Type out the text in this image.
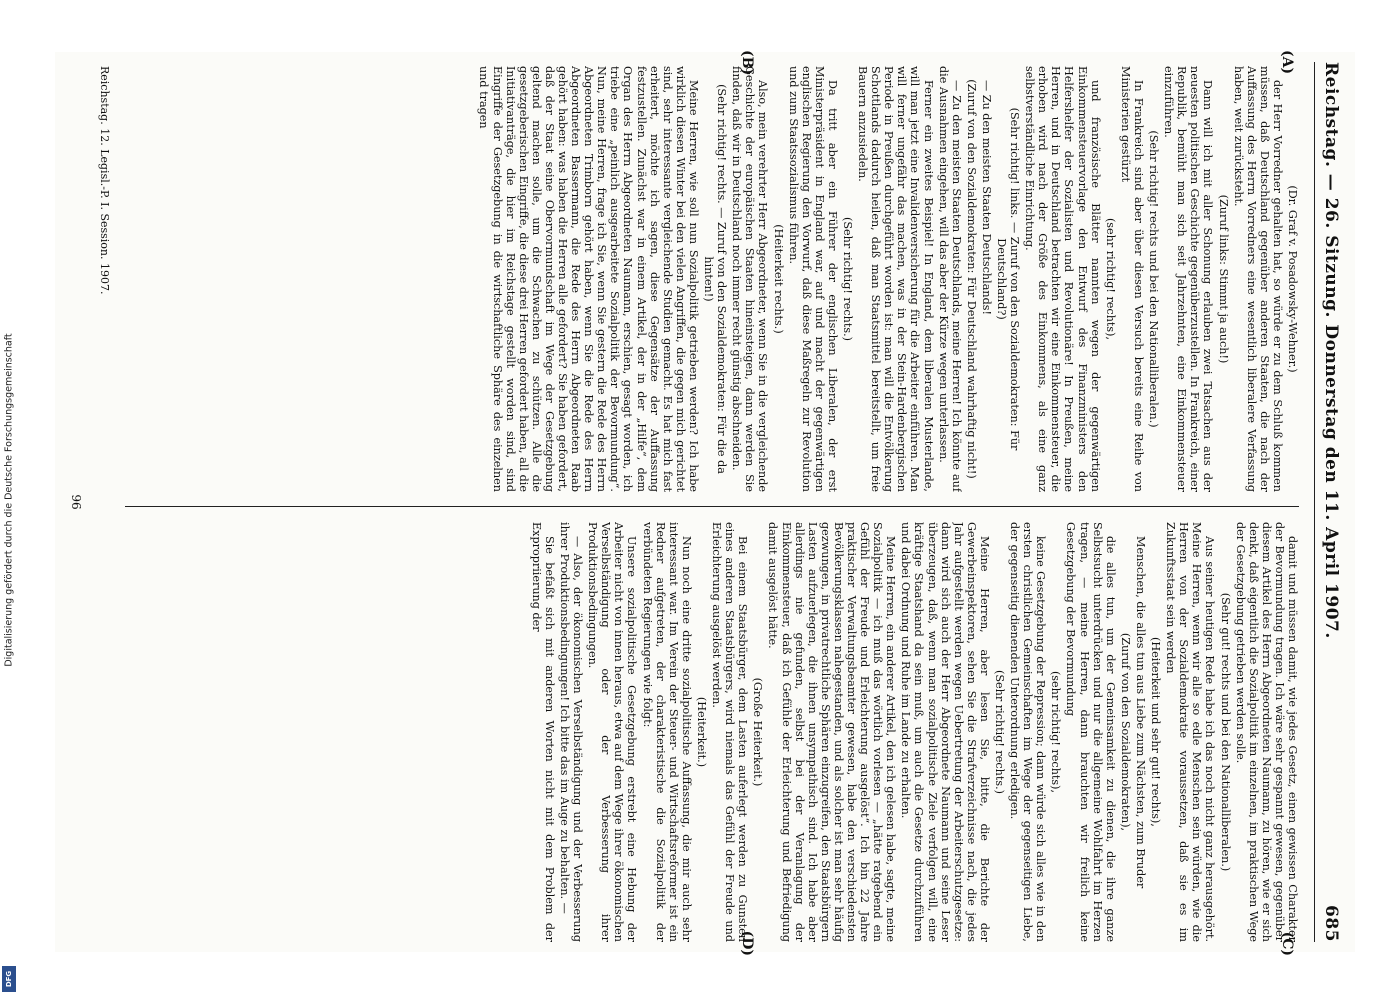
Digitalisierung gefördert durch die Deutsche Forschungsgemeinschaft
DFG
Reichstag. — 26. Sitzung. Donnerstag den 11. April 1907.
685
(A)
(B)
(C)
(D)

(Dr. Graf v. Posadowsky-Wehner.)

der Herr Vorredner gehalten hat, so würde er zu dem Schluß kommen müssen, daß Deutschland gegenüber anderen Staaten, die nach der Auffassung des Herrn Vorredners eine wesentlich liberalere Verfassung haben, weit zurücksteht.

(Zuruf links: Stimmt ja auch!)

Dann will ich mit aller Schonung erlauben zwei Tatsachen aus der neuesten politischen Geschichte gegenüberzustellen. In Frankreich, einer Republik, bemüht man sich seit Jahrzehnten, eine Einkommensteuer einzuführen.

(Sehr richtig! rechts und bei den Nationalliberalen.)

In Frankreich sind aber über diesen Versuch bereits eine Reihe von Ministerien gestürzt

(sehr richtig! rechts),

und französische Blätter nannten wegen der gegenwärtigen Einkommensteuervorlage den Entwurf des Finanzministers den Helfershelfer der Sozialisten und Revolutionäre! In Preußen, meine Herren, und in Deutschland betrachten wir eine Einkommensteuer, die erhoben wird nach der Größe des Einkommens, als eine ganz selbstverständliche Einrichtung.

(Sehr richtig! links. — Zuruf von den Sozialdemokraten: Für Deutschland?)

— Zu den meisten Staaten Deutschlands!

(Zuruf von den Sozialdemokraten: Für Deutschland wahrhaftig nicht!)

— Zu den meisten Staaten Deutschlands, meine Herren! Ich könnte auf die Ausnahmen eingehen, will das aber der Kürze wegen unterlassen.

Ferner ein zweites Beispiel! In England, dem liberalen Musterlande, will man jetzt eine Invalidenversicherung für die Arbeiter einführen. Man will ferner ungefähr das machen, was in der Stein-Hardenbergischen Periode in Preußen durchgeführt worden ist: man will die Entvölkerung Schottlands dadurch heilen, daß man Staatsmittel bereitstellt, um freie Bauern anzusiedeln.

(Sehr richtig! rechts.)

Da tritt aber ein Führer der englischen Liberalen, der erst Ministerpräsident in England war, auf und macht der gegenwärtigen englischen Regierung den Vorwurf, daß diese Maßregeln zur Revolution und zum Staatssozialismus führen.

(Heiterkeit rechts.)

Also, mein verehrter Herr Abgeordneter, wenn Sie in die vergleichende Geschichte der europäischen Staaten hineinsteigen, dann werden Sie finden, daß wir in Deutschland noch immer recht günstig abschneiden.

(Sehr richtig! rechts. — Zuruf von den Sozialdemokraten: Für die da hinten!)

Meine Herren, wie soll nun Sozialpolitik getrieben werden? Ich habe wirklich diesen Winter bei den vielen Angriffen, die gegen mich gerichtet sind, sehr interessante vergleichende Studien gemacht. Es hat mich fast erheitert, möchte ich sagen, diese Gegensätze der Auffassung festzustellen. Zunächst war in einem Artikel, der in der „Hilfe“, dem Organ des Herrn Abgeordneten Naumann, erschien, gesagt worden, ich triebe eine „peinlich ausgearbeitete Sozialpolitik der Bevormundung“. Nun, meine Herren, frage ich Sie, wenn Sie gestern die Rede des Herrn Abgeordneten Trimborn gehört haben, wenn Sie die Rede des Herrn Abgeordneten Bassermann, die Rede des Herrn Abgeordneten Raab gehört haben: was haben die Herren alle gefordert? Sie haben gefordert, daß der Staat seine Obervormundschaft im Wege der Gesetzgebung geltend machen solle, um die Schwachen zu schützen. Alle die gesetzgeberischen Eingriffe, die diese drei Herren gefordert haben, all die Initiativanträge, die hier im Reichstage gestellt worden sind, sind Eingriffe der Gesetzgebung in die wirtschaftliche Sphäre des einzelnen und tragen

damit und müssen damit, wie jedes Gesetz, einen gewissen Charakter der Bevormundung tragen. Ich wäre sehr gespannt gewesen, gegenüber diesem Artikel des Herrn Abgeordneten Naumann, zu hören, wie er sich denkt, daß eigentlich die Sozialpolitik im einzelnen, im praktischen Wege der Gesetzgebung getrieben werden solle.

(Sehr gut! rechts und bei den Nationalliberalen.)

Aus seiner heutigen Rede habe ich das noch nicht ganz herausgehört. Meine Herren, wenn wir alle so edle Menschen sein würden, wie die Herren von der Sozialdemokratie voraussetzen, daß sie es im Zukunftsstaat sein werden

(Heiterkeit und sehr gut! rechts),

Menschen, die alles tun aus Liebe zum Nächsten, zum Bruder

(Zuruf von den Sozialdemokraten),

die alles tun, um der Gemeinsamkeit zu dienen, die ihre ganze Selbstsucht unterdrücken und nur die allgemeine Wohlfahrt im Herzen tragen, — meine Herren, dann brauchten wir freilich keine Gesetzgebung der Bevormundung

(sehr richtig! rechts),

keine Gesetzgebung der Repression; dann würde sich alles wie in den ersten christlichen Gemeinschaften im Wege der gegenseitigen Liebe, der gegenseitig dienenden Unterordnung erledigen.

(Sehr richtig! rechts.)

Meine Herren, aber lesen Sie, bitte, die Berichte der Gewerbeinspektoren, sehen Sie die Strafverzeichnisse nach, die jedes Jahr aufgestellt werden wegen Uebertretung der Arbeiterschutzgesetze: dann wird sich auch der Herr Abgeordnete Naumann und seine Leser überzeugen, daß, wenn man sozialpolitische Ziele verfolgen will, eine kräftige Staatshand da sein muß, um auch die Gesetze durchzuführen und dabei Ordnung und Ruhe im Lande zu erhalten.

Meine Herren, ein anderer Artikel, den ich gelesen habe, sagte, meine Sozialpolitik — ich muß das wörtlich vorlesen — „hätte ratgebend ein Gefühl der Freude und Erleichterung ausgelöst“. Ich bin 22 Jahre praktischer Verwaltungsbeamter gewesen, habe den verschiedensten Bevölkerungsklassen nahegestanden, und als solcher ist man sehr häufig gezwungen, in privatrechtliche Sphären einzugreifen, den Staatsbürgern Lasten aufzuerlegen, die ihnen unsympathisch sind. Ich habe aber allerdings nie gefunden, selbst bei der Veranlagung der Einkommensteuer, daß ich Gefühle der Erleichterung und Befriedigung damit ausgelöst hätte.

(Große Heiterkeit.)

Bei einem Staatsbürger, dem Lasten auferlegt werden zu Gunsten eines anderen Staatsbürgers, wird niemals das Gefühl der Freude und Erleichterung ausgelöst werden.

(Heiterkeit.)

Nun noch eine dritte sozialpolitische Auffassung, die mir auch sehr interessant war. Im Verein der Steuer- und Wirtschaftsreformer ist ein Redner aufgetreten, der charakteristische die Sozialpolitik der verbündeten Regierungen wie folgt:

Unsere sozialpolitische Gesetzgebung erstrebt eine Hebung der Arbeiter nicht von innen heraus, etwa auf dem Wege ihrer ökonomischen Verselbständigung oder der Verbesserung ihrer Produktionsbedingungen.

— Also, der ökonomischen Verselbständigung und der Verbesserung ihrer Produktionsbedingungen! Ich bitte das im Auge zu behalten. —

Sie befaßt sich mit anderen Worten nicht mit dem Problem der Expropriierung der

Reichstag. 12. Legisl.-P. I. Session. 1907.
96
